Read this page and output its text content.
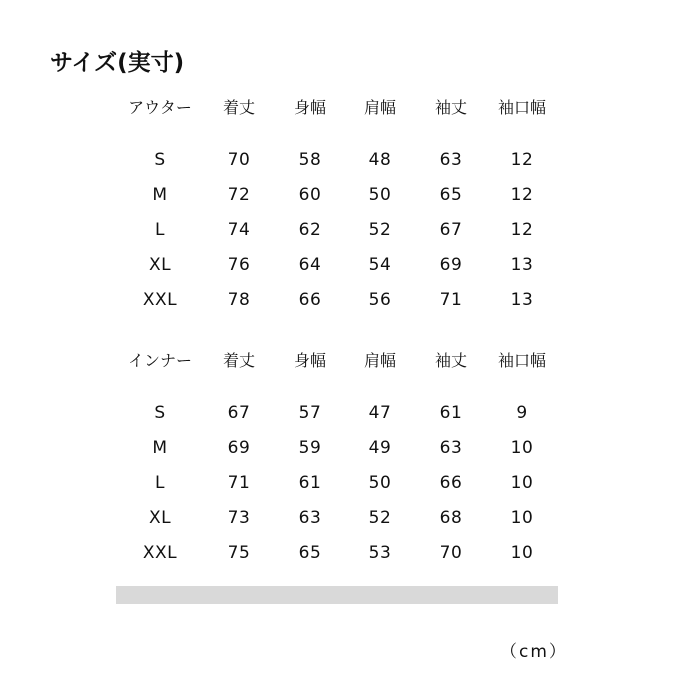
サイズ(実寸)
アウター	着丈	身幅	肩幅	袖丈	袖口幅
S	70	58	48	63	12
M	72	60	50	65	12
L	74	62	52	67	12
XL	76	64	54	69	13
XXL	78	66	56	71	13
インナー	着丈	身幅	肩幅	袖丈	袖口幅
S	67	57	47	61	9
M	69	59	49	63	10
L	71	61	50	66	10
XL	73	63	52	68	10
XXL	75	65	53	70	10
（cm）
